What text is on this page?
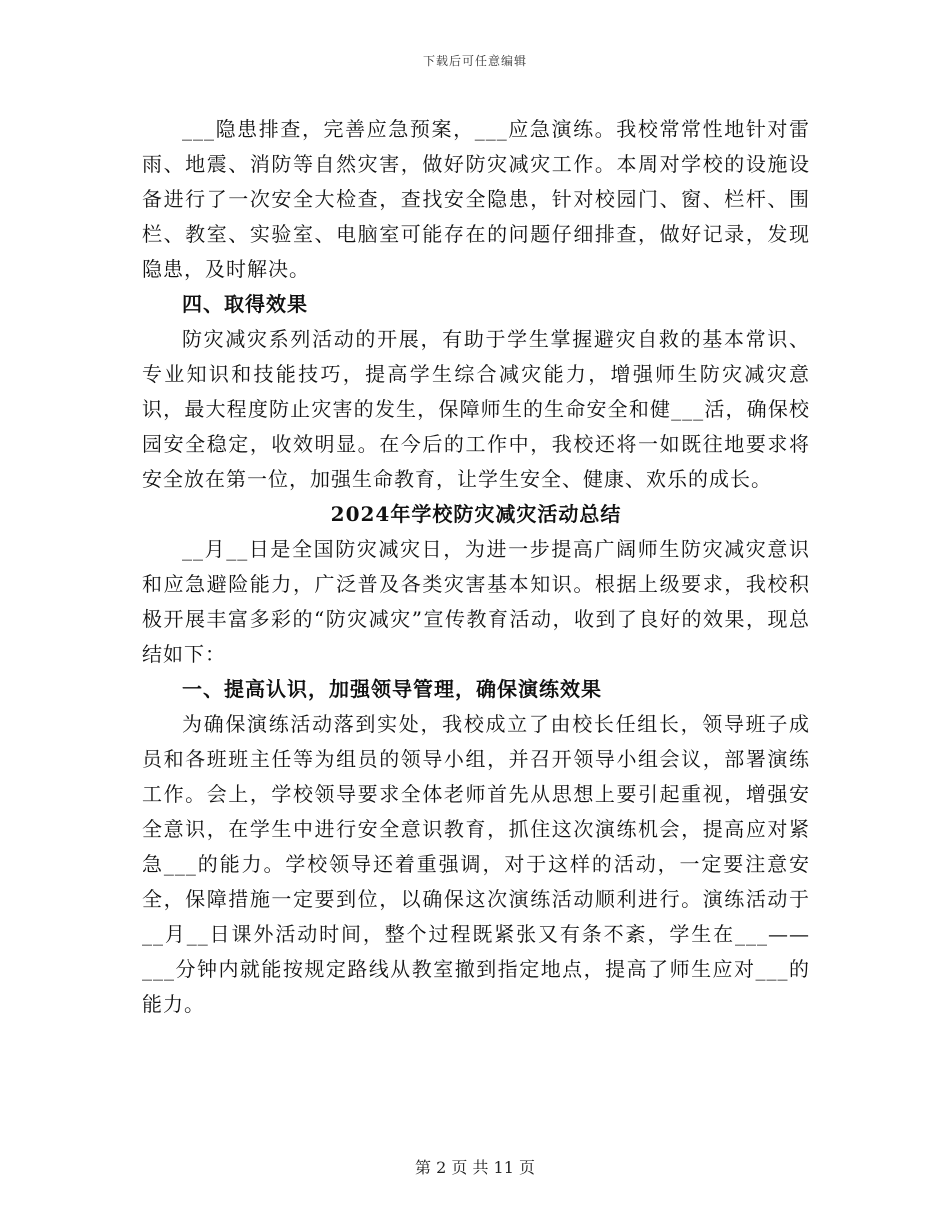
下载后可任意编辑

___隐患排查，完善应急预案，___应急演练。我校常常性地针对雷雨、地震、消防等自然灾害，做好防灾减灾工作。本周对学校的设施设备进行了一次安全大检查，查找安全隐患，针对校园门、窗、栏杆、围栏、教室、实验室、电脑室可能存在的问题仔细排查，做好记录，发现隐患，及时解决。

四、取得效果

防灾减灾系列活动的开展，有助于学生掌握避灾自救的基本常识、专业知识和技能技巧，提高学生综合减灾能力，增强师生防灾减灾意识，最大程度防止灾害的发生，保障师生的生命安全和健___活，确保校园安全稳定，收效明显。在今后的工作中，我校还将一如既往地要求将安全放在第一位，加强生命教育，让学生安全、健康、欢乐的成长。

2024年学校防灾减灾活动总结

__月__日是全国防灾减灾日，为进一步提高广阔师生防灾减灾意识和应急避险能力，广泛普及各类灾害基本知识。根据上级要求，我校积极开展丰富多彩的“防灾减灾”宣传教育活动，收到了良好的效果，现总结如下：

一、提高认识，加强领导管理，确保演练效果

为确保演练活动落到实处，我校成立了由校长任组长，领导班子成员和各班班主任等为组员的领导小组，并召开领导小组会议，部署演练工作。会上，学校领导要求全体老师首先从思想上要引起重视，增强安全意识，在学生中进行安全意识教育，抓住这次演练机会，提高应对紧急___的能力。学校领导还着重强调，对于这样的活动，一定要注意安全，保障措施一定要到位，以确保这次演练活动顺利进行。演练活动于__月__日课外活动时间，整个过程既紧张又有条不紊，学生在___——___分钟内就能按规定路线从教室撤到指定地点，提高了师生应对___的能力。

第 2 页 共 11 页
